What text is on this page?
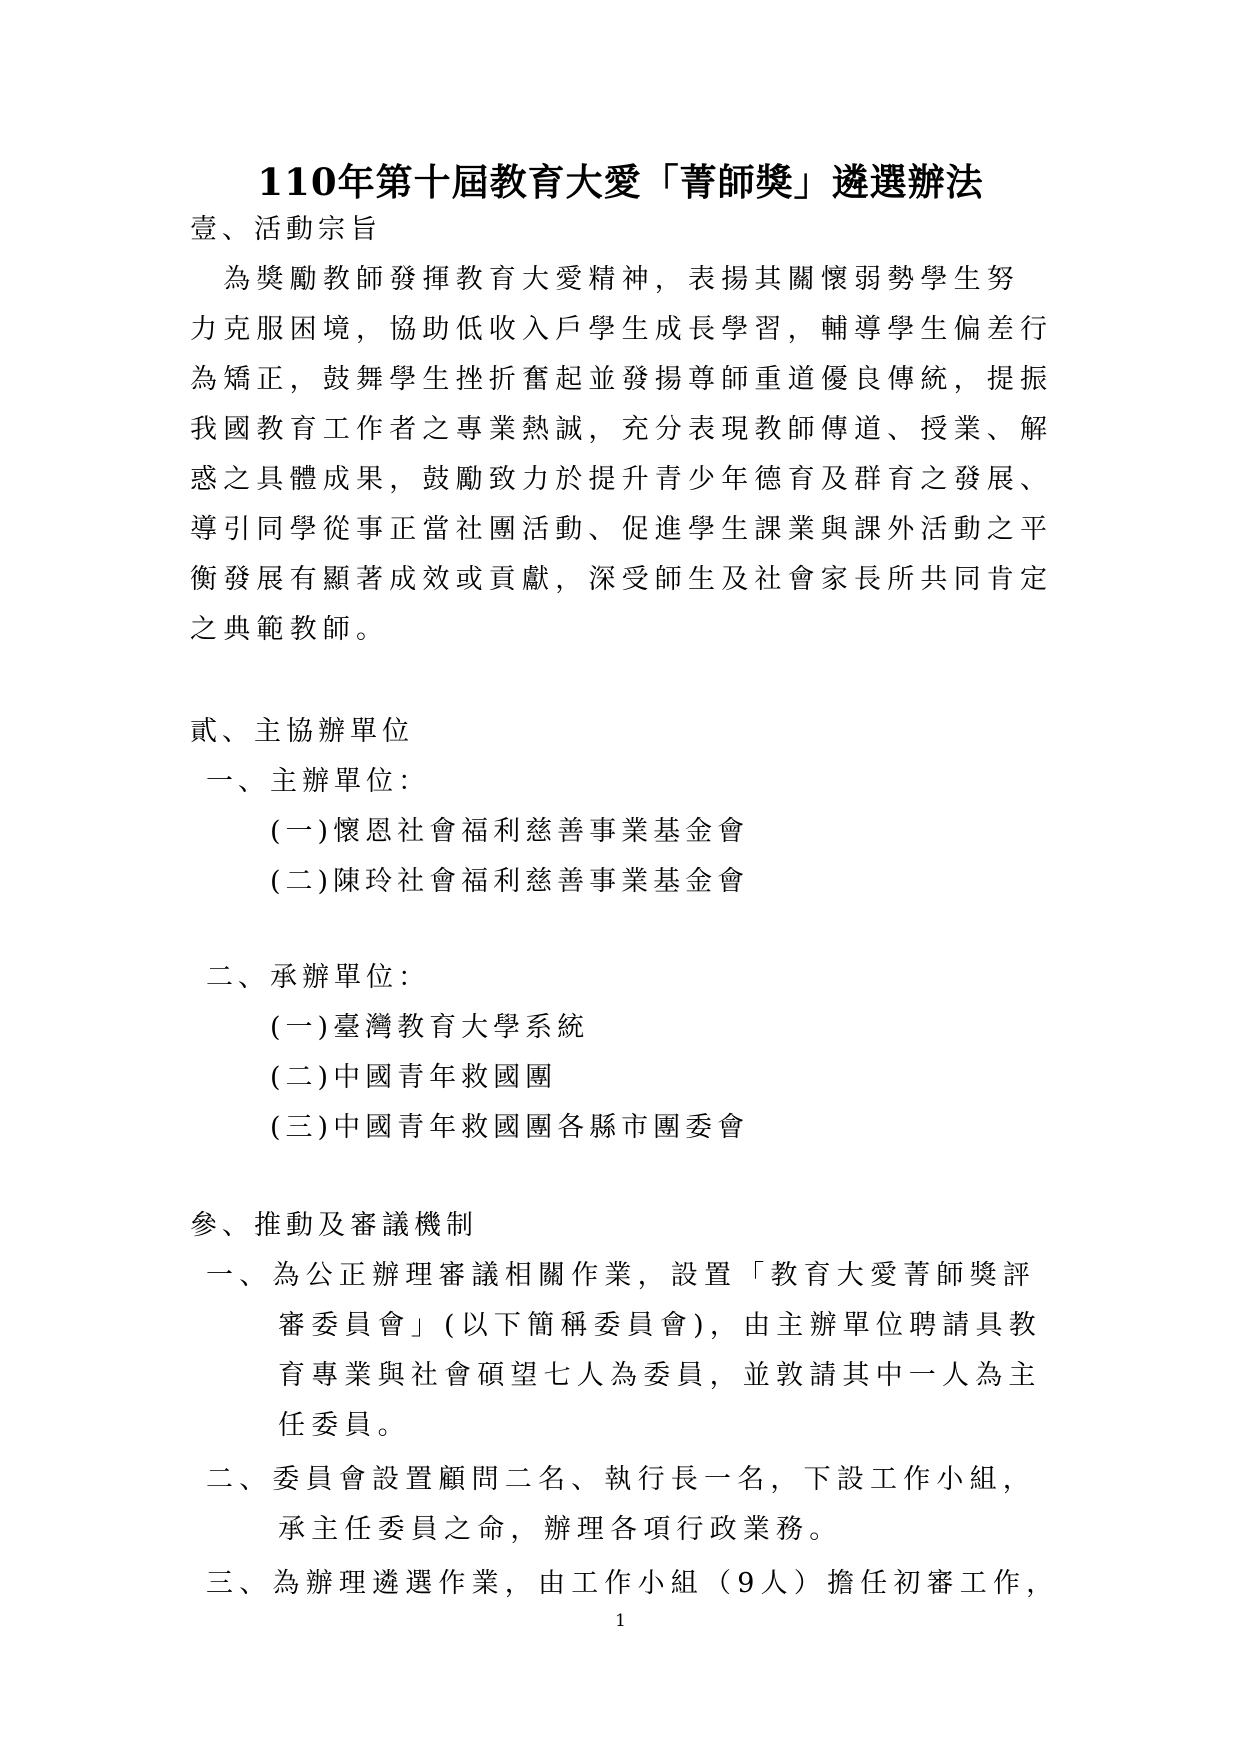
110年第十屆教育大愛「菁師獎」遴選辦法
壹、活動宗旨
　為獎勵教師發揮教育大愛精神，表揚其關懷弱勢學生努
力克服困境，協助低收入戶學生成長學習，輔導學生偏差行
為矯正，鼓舞學生挫折奮起並發揚尊師重道優良傳統，提振
我國教育工作者之專業熱誠，充分表現教師傳道、授業、解
惑之具體成果，鼓勵致力於提升青少年德育及群育之發展、
導引同學從事正當社團活動、促進學生課業與課外活動之平
衡發展有顯著成效或貢獻，深受師生及社會家長所共同肯定
之典範教師。
貳、主協辦單位
一、主辦單位：
(一)懷恩社會福利慈善事業基金會
(二)陳玲社會福利慈善事業基金會
二、承辦單位：
(一)臺灣教育大學系統
(二)中國青年救國團
(三)中國青年救國團各縣市團委會
參、推動及審議機制
一、為公正辦理審議相關作業，設置「教育大愛菁師獎評
審委員會」(以下簡稱委員會)，由主辦單位聘請具教
育專業與社會碩望七人為委員，並敦請其中一人為主
任委員。
二、委員會設置顧問二名、執行長一名，下設工作小組，
承主任委員之命，辦理各項行政業務。
三、為辦理遴選作業，由工作小組（9人）擔任初審工作，
1
